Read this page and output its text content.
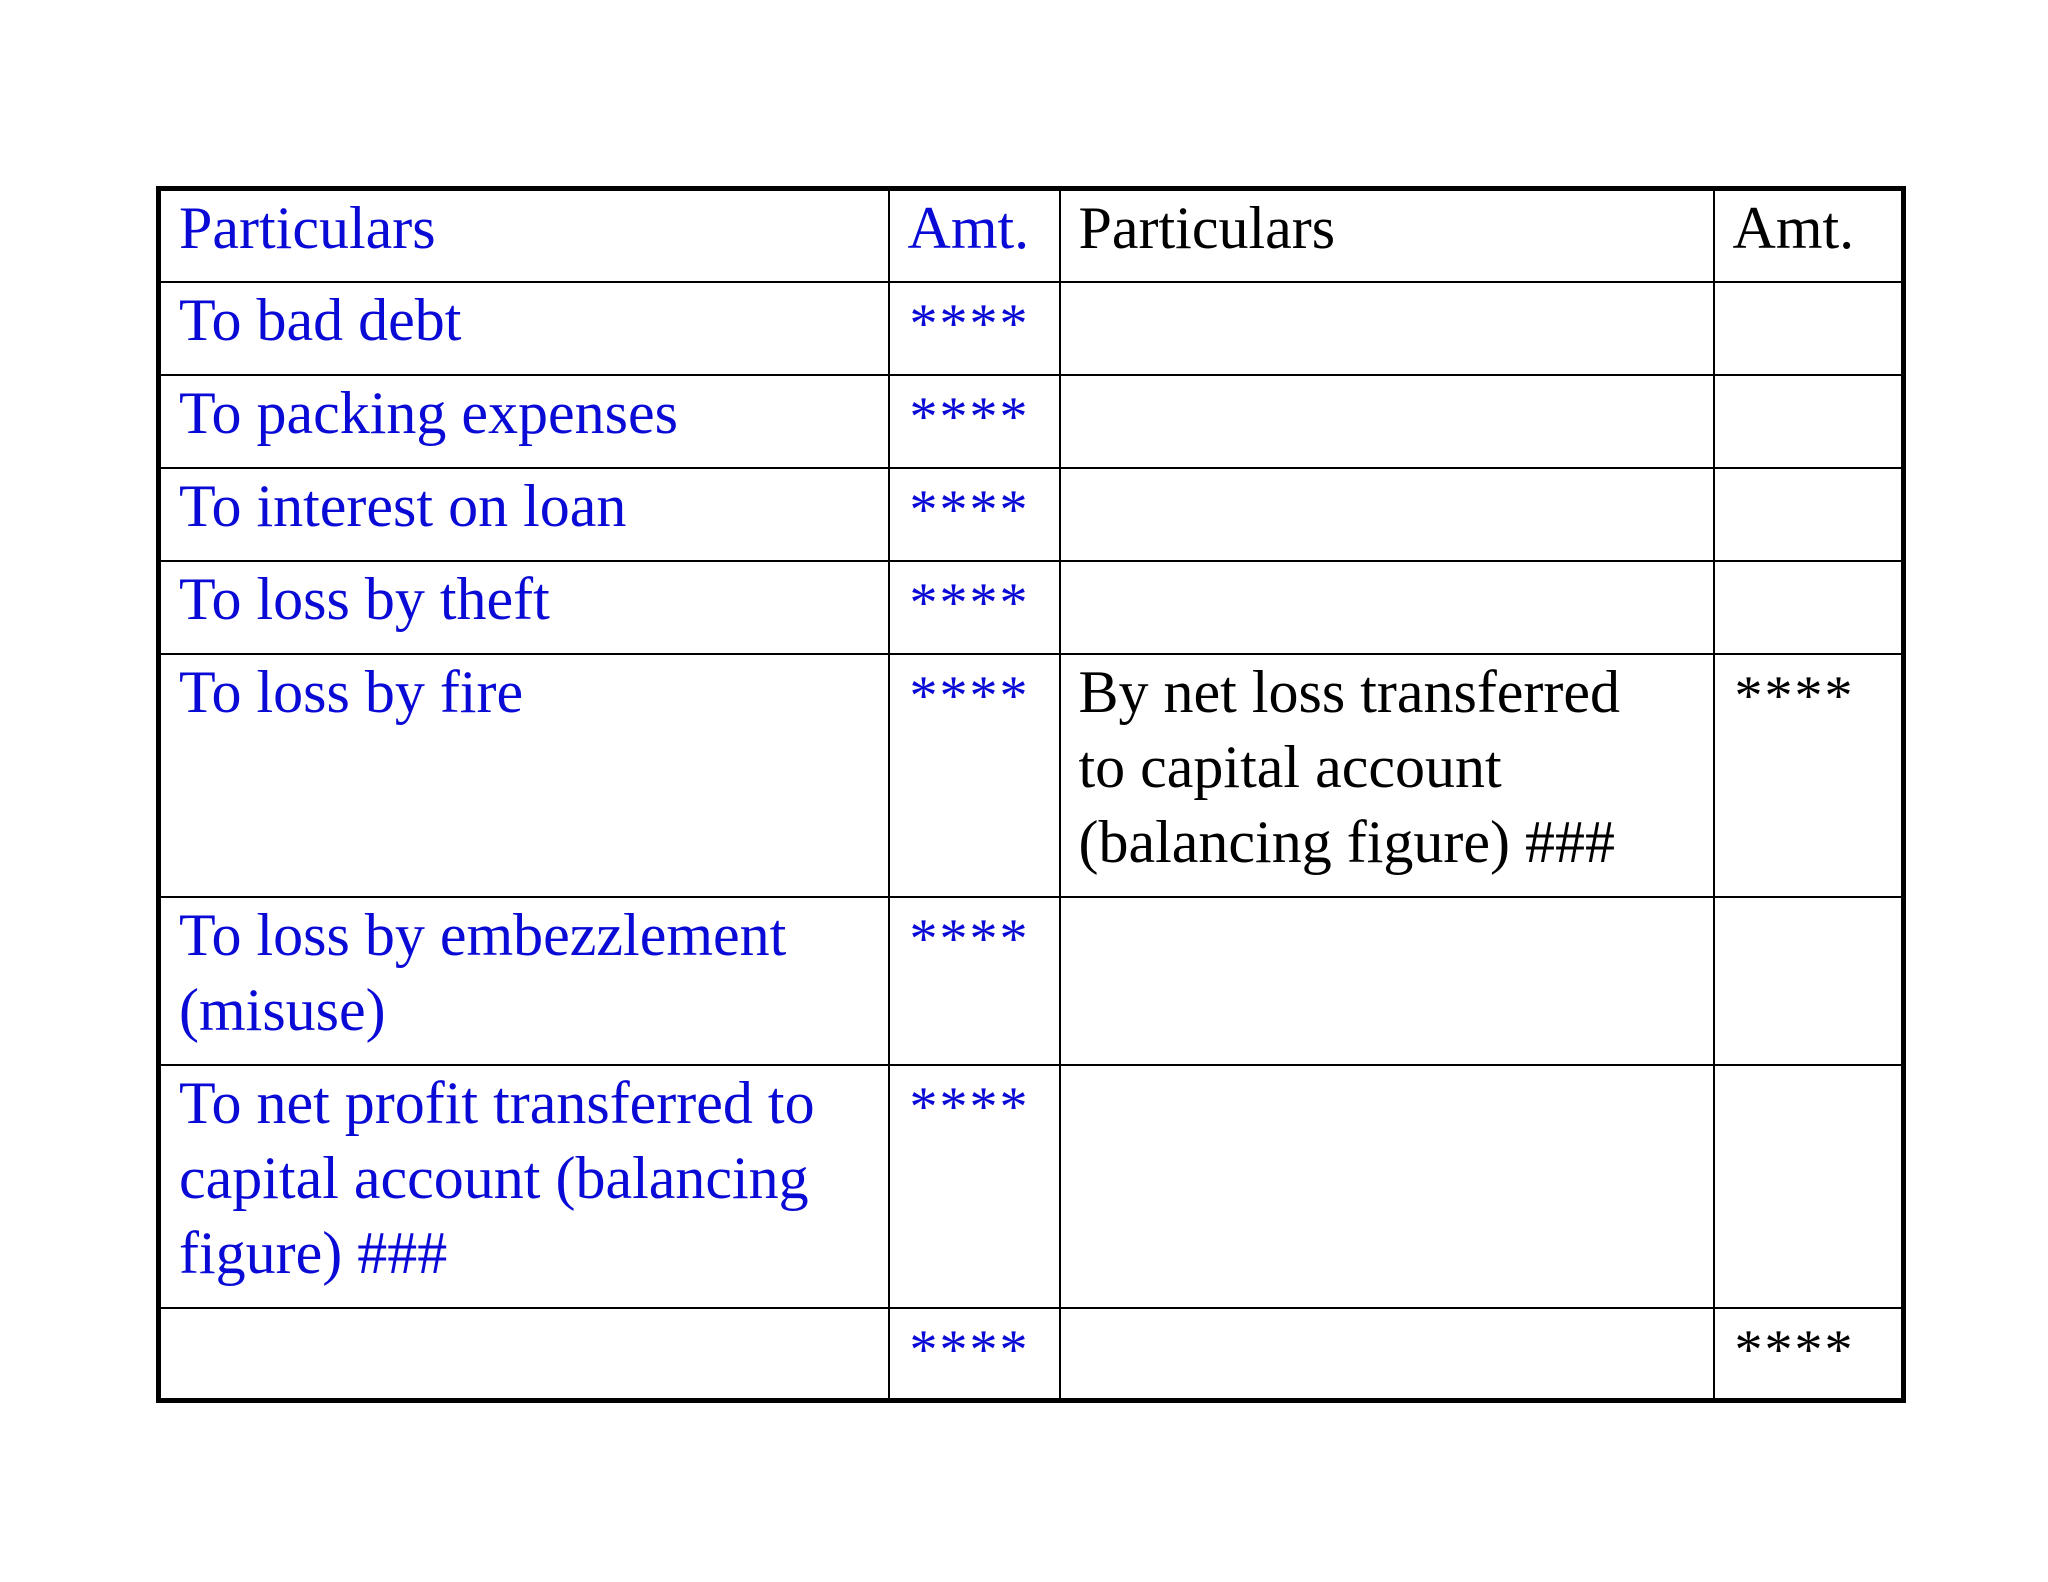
Particulars	Amt.	Particulars	Amt.
To bad debt	****		
To packing expenses	****		
To interest on loan	****		
To loss by theft	****		
To loss by fire	****	By net loss transferred
to capital account
(balancing figure) ###	****
To loss by embezzlement
(misuse)	****		
To net profit transferred to
capital account (balancing
figure) ###	****		
	****		****
